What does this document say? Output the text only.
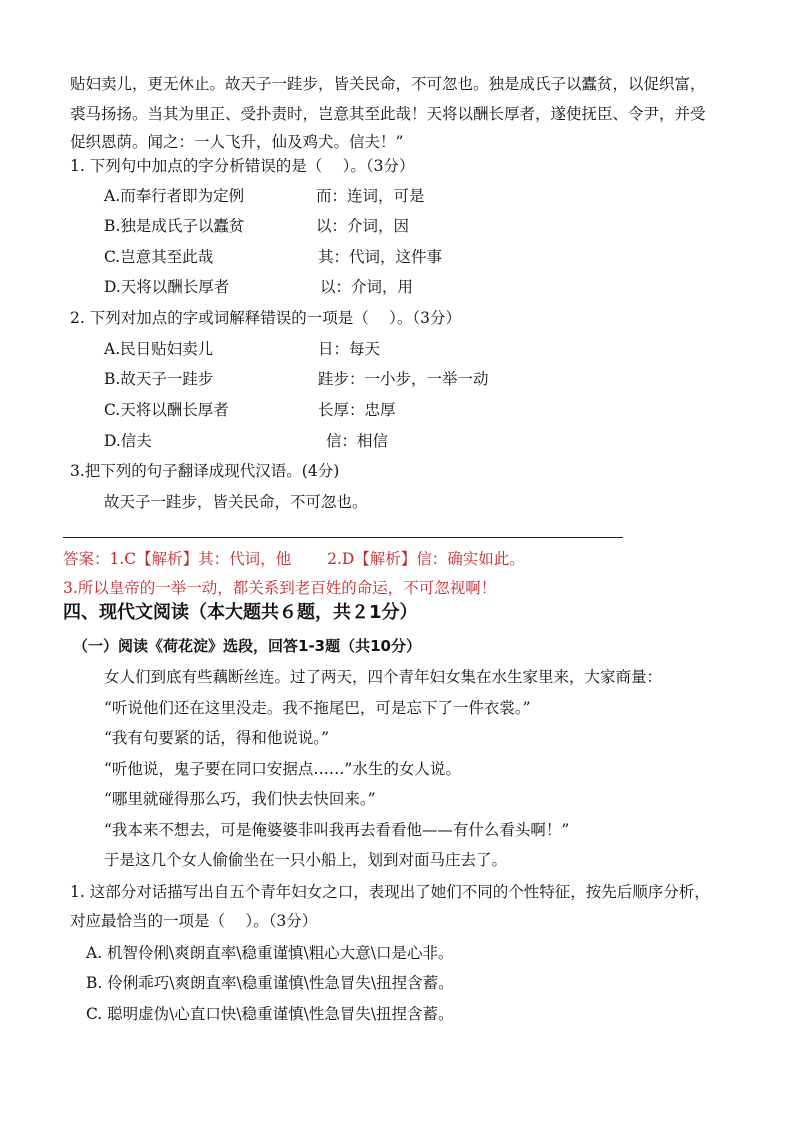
贴妇卖儿，更无休止。故天子一跬步，皆关民命，不可忽也。独是成氏子以蠹贫，以促织富，
裘马扬扬。当其为里正、受扑责时，岂意其至此哉！天将以酬长厚者，遂使抚臣、令尹，并受
促织恩荫。闻之：一人飞升，仙及鸡犬。信夫！”
1. 下列句中加点的字分析错误的是（　 ）。（3分）
A.而奉行者即为定例	而：连词，可是
B.独是成氏子以蠹贫	以：介词，因
C.岂意其至此哉	其：代词，这件事
D.天将以酬长厚者	以：介词，用
2. 下列对加点的字或词解释错误的一项是（　 ）。（3分）
A.民日贴妇卖儿	日：每天
B.故天子一跬步	跬步：一小步，一举一动
C.天将以酬长厚者	长厚：忠厚
D.信夫	信：相信
3.把下列的句子翻译成现代汉语。(4分)
故天子一跬步，皆关民命，不可忽也。
答案：1.C【解析】其：代词，他　　 2.D【解析】信：确实如此。
3.所以皇帝的一举一动，都关系到老百姓的命运，不可忽视啊！
四、现代文阅读（本大题共６题，共２1分）
（一）阅读《荷花淀》选段，回答1-3题（共10分）
女人们到底有些藕断丝连。过了两天，四个青年妇女集在水生家里来，大家商量：
“听说他们还在这里没走。我不拖尾巴，可是忘下了一件衣裳。”
“我有句要紧的话，得和他说说。”
“听他说，鬼子要在同口安据点……”水生的女人说。
“哪里就碰得那么巧，我们快去快回来。”
“我本来不想去，可是俺婆婆非叫我再去看看他——有什么看头啊！”
于是这几个女人偷偷坐在一只小船上，划到对面马庄去了。
1. 这部分对话描写出自五个青年妇女之口，表现出了她们不同的个性特征，按先后顺序分析，
对应最恰当的一项是（　 ）。（3分）
A. 机智伶俐\爽朗直率\稳重谨慎\粗心大意\口是心非。
B. 伶俐乖巧\爽朗直率\稳重谨慎\性急冒失\扭捏含蓄。
C. 聪明虚伪\心直口快\稳重谨慎\性急冒失\扭捏含蓄。
